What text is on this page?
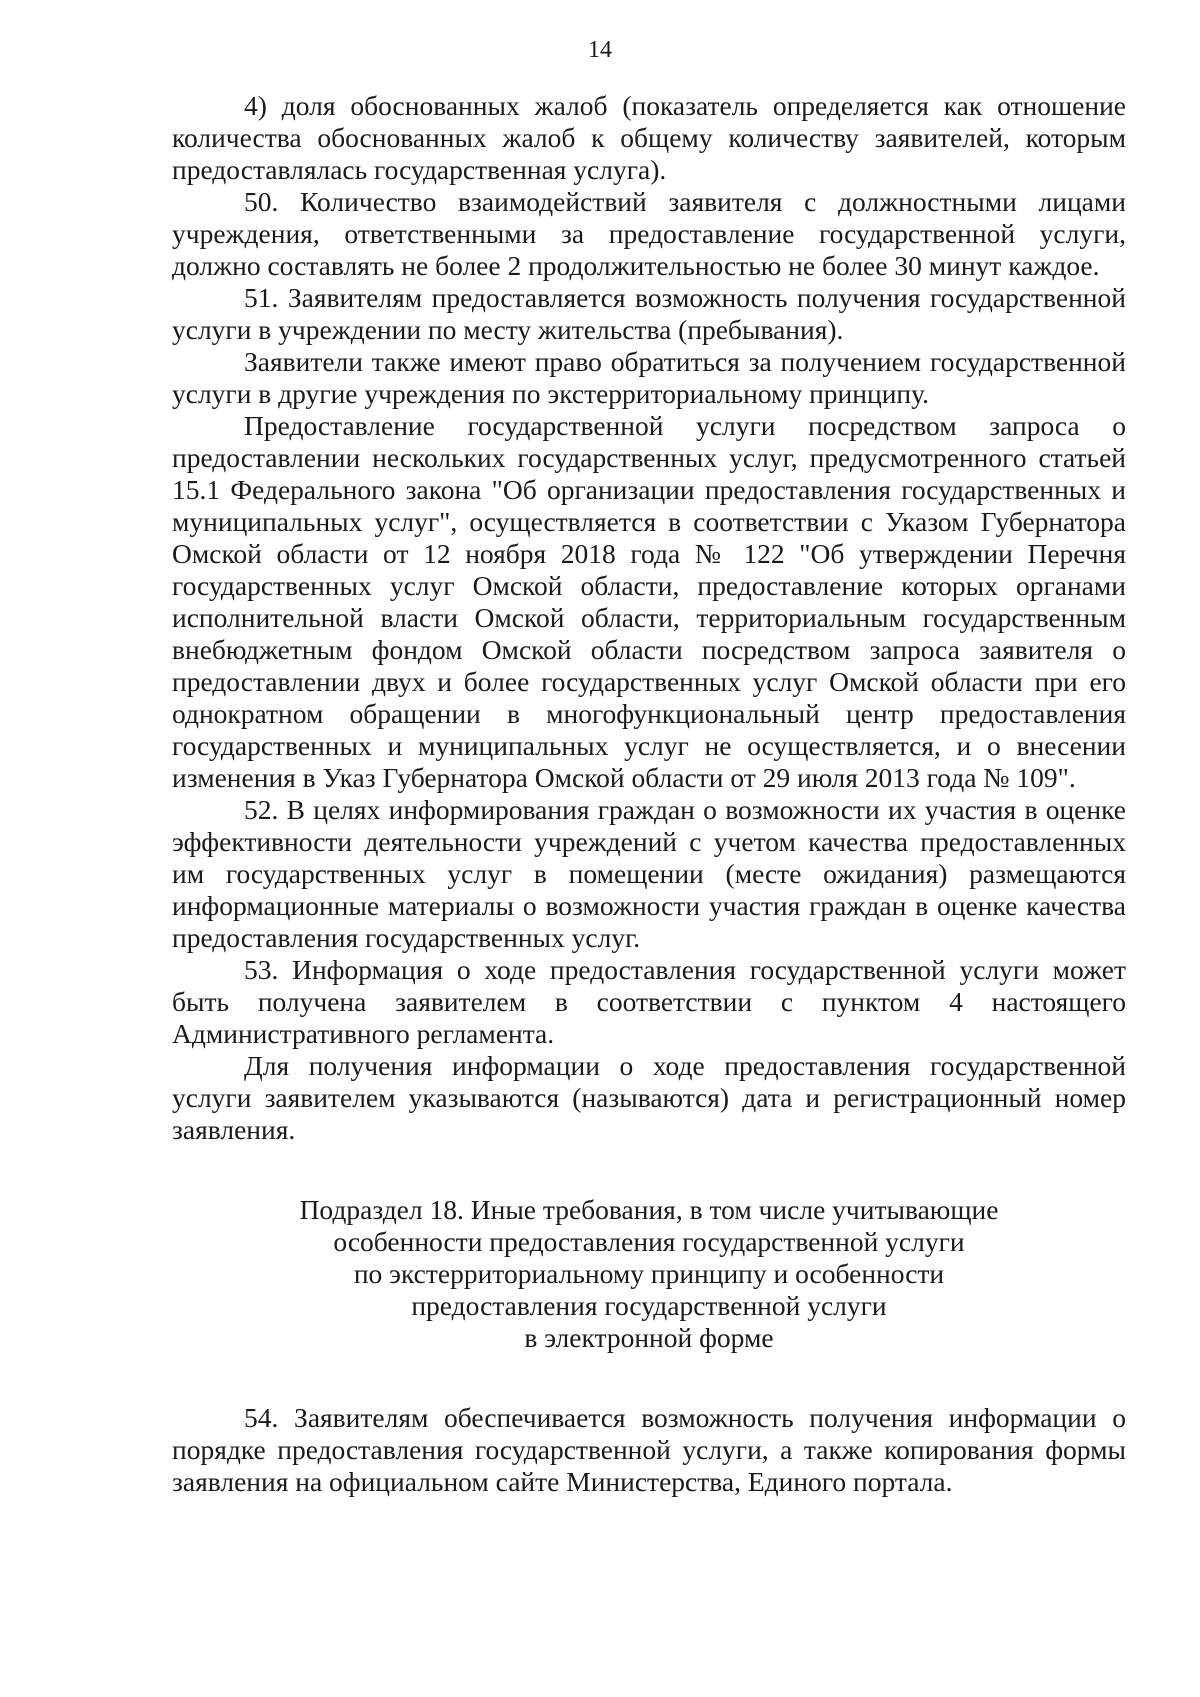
14

4) доля обоснованных жалоб (показатель определяется как отношение количества обоснованных жалоб к общему количеству заявителей, которым предоставлялась государственная услуга).

50. Количество взаимодействий заявителя с должностными лицами учреждения, ответственными за предоставление государственной услуги, должно составлять не более 2 продолжительностью не более 30 минут каждое.

51. Заявителям предоставляется возможность получения государственной услуги в учреждении по месту жительства (пребывания).

Заявители также имеют право обратиться за получением государственной услуги в другие учреждения по экстерриториальному принципу.

Предоставление государственной услуги посредством запроса о предоставлении нескольких государственных услуг, предусмотренного статьей 15.1 Федерального закона "Об организации предоставления государственных и муниципальных услуг", осуществляется в соответствии с Указом Губернатора Омской области от 12 ноября 2018 года № 122 "Об утверждении Перечня государственных услуг Омской области, предоставление которых органами исполнительной власти Омской области, территориальным государственным внебюджетным фондом Омской области посредством запроса заявителя о предоставлении двух и более государственных услуг Омской области при его однократном обращении в многофункциональный центр предоставления государственных и муниципальных услуг не осуществляется, и о внесении изменения в Указ Губернатора Омской области от 29 июля 2013 года № 109".

52. В целях информирования граждан о возможности их участия в оценке эффективности деятельности учреждений с учетом качества предоставленных им государственных услуг в помещении (месте ожидания) размещаются информационные материалы о возможности участия граждан в оценке качества предоставления государственных услуг.

53. Информация о ходе предоставления государственной услуги может быть получена заявителем в соответствии с пунктом 4 настоящего Административного регламента.

Для получения информации о ходе предоставления государственной услуги заявителем указываются (называются) дата и регистрационный номер заявления.

Подраздел 18. Иные требования, в том числе учитывающие
особенности предоставления государственной услуги
по экстерриториальному принципу и особенности
предоставления государственной услуги
в электронной форме

54. Заявителям обеспечивается возможность получения информации о порядке предоставления государственной услуги, а также копирования формы заявления на официальном сайте Министерства, Единого портала.
